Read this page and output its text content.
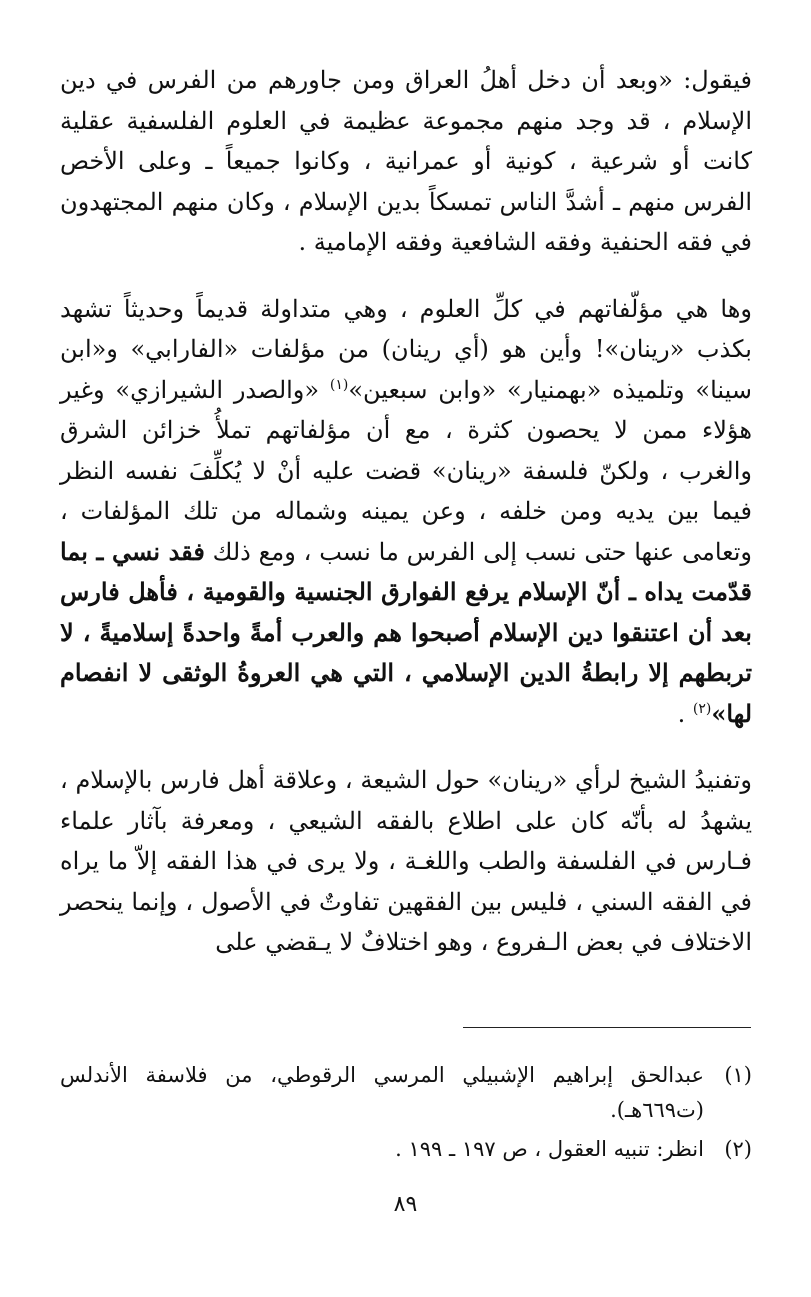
فيقول: «وبعد أن دخل أهلُ العراق ومن جاورهم من الفرس في دين الإسلام ، قد وجد منهم مجموعة عظيمة في العلوم الفلسفية عقلية كانت أو شرعية ، كونية أو عمرانية ، وكانوا جميعاً ـ وعلى الأخص الفرس منهم ـ أشدَّ الناس تمسكاً بدين الإسلام ، وكان منهم المجتهدون في فقه الحنفية وفقه الشافعية وفقه الإمامية .

وها هي مؤلّفاتهم في كلِّ العلوم ، وهي متداولة قديماً وحديثاً تشهد بكذب «رينان»! وأين هو (أي رينان) من مؤلفات «الفارابي» و«ابن سينا» وتلميذه «بهمنيار» «وابن سبعين»$^{(١)}$ «والصدر الشيرازي» وغير هؤلاء ممن لا يحصون كثرة ، مع أن مؤلفاتهم تملأُ خزائن الشرق والغرب ، ولكنّ فلسفة «رينان» قضت عليه أنْ لا يُكلِّفَ نفسه النظر فيما بين يديه ومن خلفه ، وعن يمينه وشماله من تلك المؤلفات ، وتعامى عنها حتى نسب إلى الفرس ما نسب ، ومع ذلك فقد نسي ـ بما قدّمت يداه ـ أنّ الإسلام يرفع الفوارق الجنسية والقومية ، فأهل فارس بعد أن اعتنقوا دين الإسلام أصبحوا هم والعرب أمةً واحدةً إسلاميةً ، لا تربطهم إلا رابطةُ الدين الإسلامي ، التي هي العروةُ الوثقى لا انفصام لها»$^{(٢)}$ .

وتفنيدُ الشيخ لرأي «رينان» حول الشيعة ، وعلاقة أهل فارس بالإسلام ، يشهدُ له بأنّه كان على اطلاع بالفقه الشيعي ، ومعرفة بآثار علماء فـارس في الفلسفة والطب واللغـة ، ولا يرى في هذا الفقه إلاّ ما يراه في الفقه السني ، فليس بين الفقهين تفاوتٌ في الأصول ، وإنما ينحصر الاختلاف في بعض الـفروع ، وهو اختلافٌ لا يـقضي على

(١)
عبدالحق إبراهيم الإشبيلي المرسي الرقوطي، من فلاسفة الأندلس (ت٦٦٩هـ).
(٢)
انظر: تنبيه العقول ، ص ١٩٧ ـ ١٩٩ .
٨٩
